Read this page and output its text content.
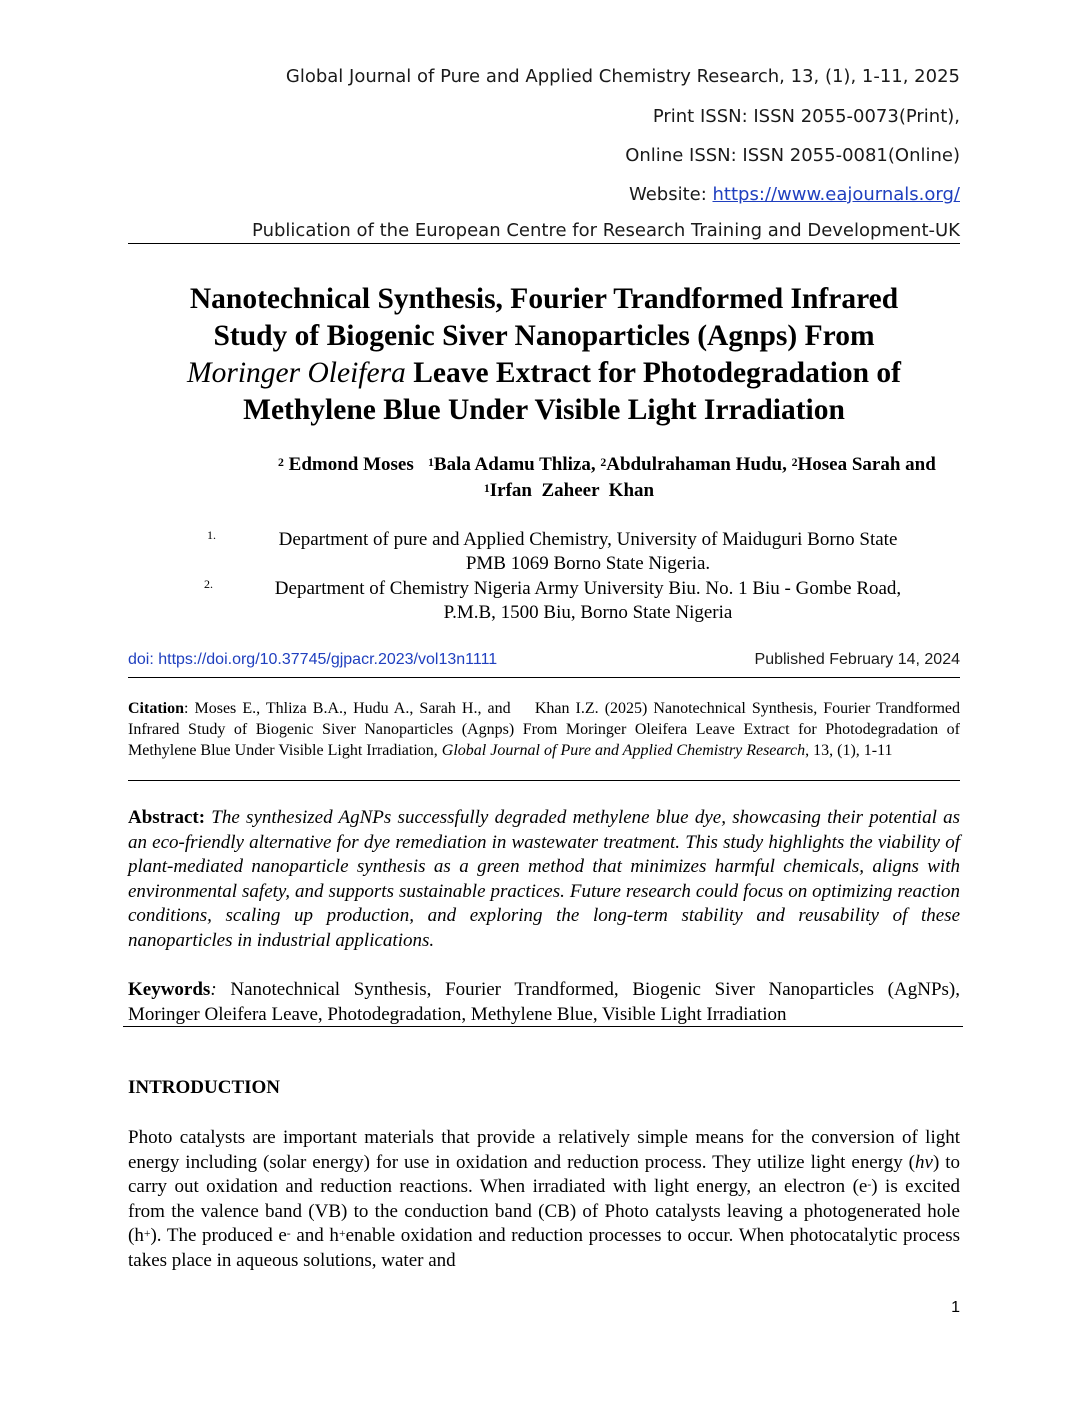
Global Journal of Pure and Applied Chemistry Research, 13, (1), 1-11, 2025
Print ISSN: ISSN 2055-0073(Print),
Online ISSN: ISSN 2055-0081(Online)
Website: https://www.eajournals.org/
Publication of the European Centre for Research Training and Development-UK
Nanotechnical Synthesis, Fourier Trandformed Infrared
Study of Biogenic Siver Nanoparticles (Agnps) From
Moringer Oleifera Leave Extract for Photodegradation of
Methylene Blue Under Visible Light Irradiation
$^2$ Edmond Moses $^1$Bala Adamu Thliza, $^2$Abdulrahaman Hudu, $^2$Hosea Sarah and
$^1$Irfan  Zaheer  Khan
1.	Department of pure and Applied Chemistry, University of Maiduguri Borno State
PMB 1069 Borno State Nigeria.
2.	Department of Chemistry Nigeria Army University Biu. No. 1 Biu - Gombe Road,
P.M.B, 1500 Biu, Borno State Nigeria
doi: https://doi.org/10.37745/gjpacr.2023/vol13n1111	Published February 14, 2024
Citation: Moses E., Thliza B.A., Hudu A., Sarah H., and    Khan I.Z. (2025) Nanotechnical Synthesis, Fourier Trandformed Infrared Study of Biogenic Siver Nanoparticles (Agnps) From Moringer Oleifera Leave Extract for Photodegradation of Methylene Blue Under Visible Light Irradiation, Global Journal of Pure and Applied Chemistry Research, 13, (1), 1-11
Abstract: The synthesized AgNPs successfully degraded methylene blue dye, showcasing their potential as an eco-friendly alternative for dye remediation in wastewater treatment. This study highlights the viability of plant-mediated nanoparticle synthesis as a green method that minimizes harmful chemicals, aligns with environmental safety, and supports sustainable practices. Future research could focus on optimizing reaction conditions, scaling up production, and exploring the long-term stability and reusability of these nanoparticles in industrial applications.
Keywords: Nanotechnical Synthesis, Fourier Trandformed, Biogenic Siver Nanoparticles (AgNPs), Moringer Oleifera Leave, Photodegradation, Methylene Blue, Visible Light Irradiation
INTRODUCTION
Photo catalysts are important materials that provide a relatively simple means for the conversion of light energy including (solar energy) for use in oxidation and reduction process. They utilize light energy (hv) to carry out oxidation and reduction reactions. When irradiated with light energy, an electron (e-) is excited from the valence band (VB) to the conduction band (CB) of Photo catalysts leaving a photogenerated hole (h+). The produced e- and h+enable oxidation and reduction processes to occur. When photocatalytic process takes place in aqueous solutions, water and
1
